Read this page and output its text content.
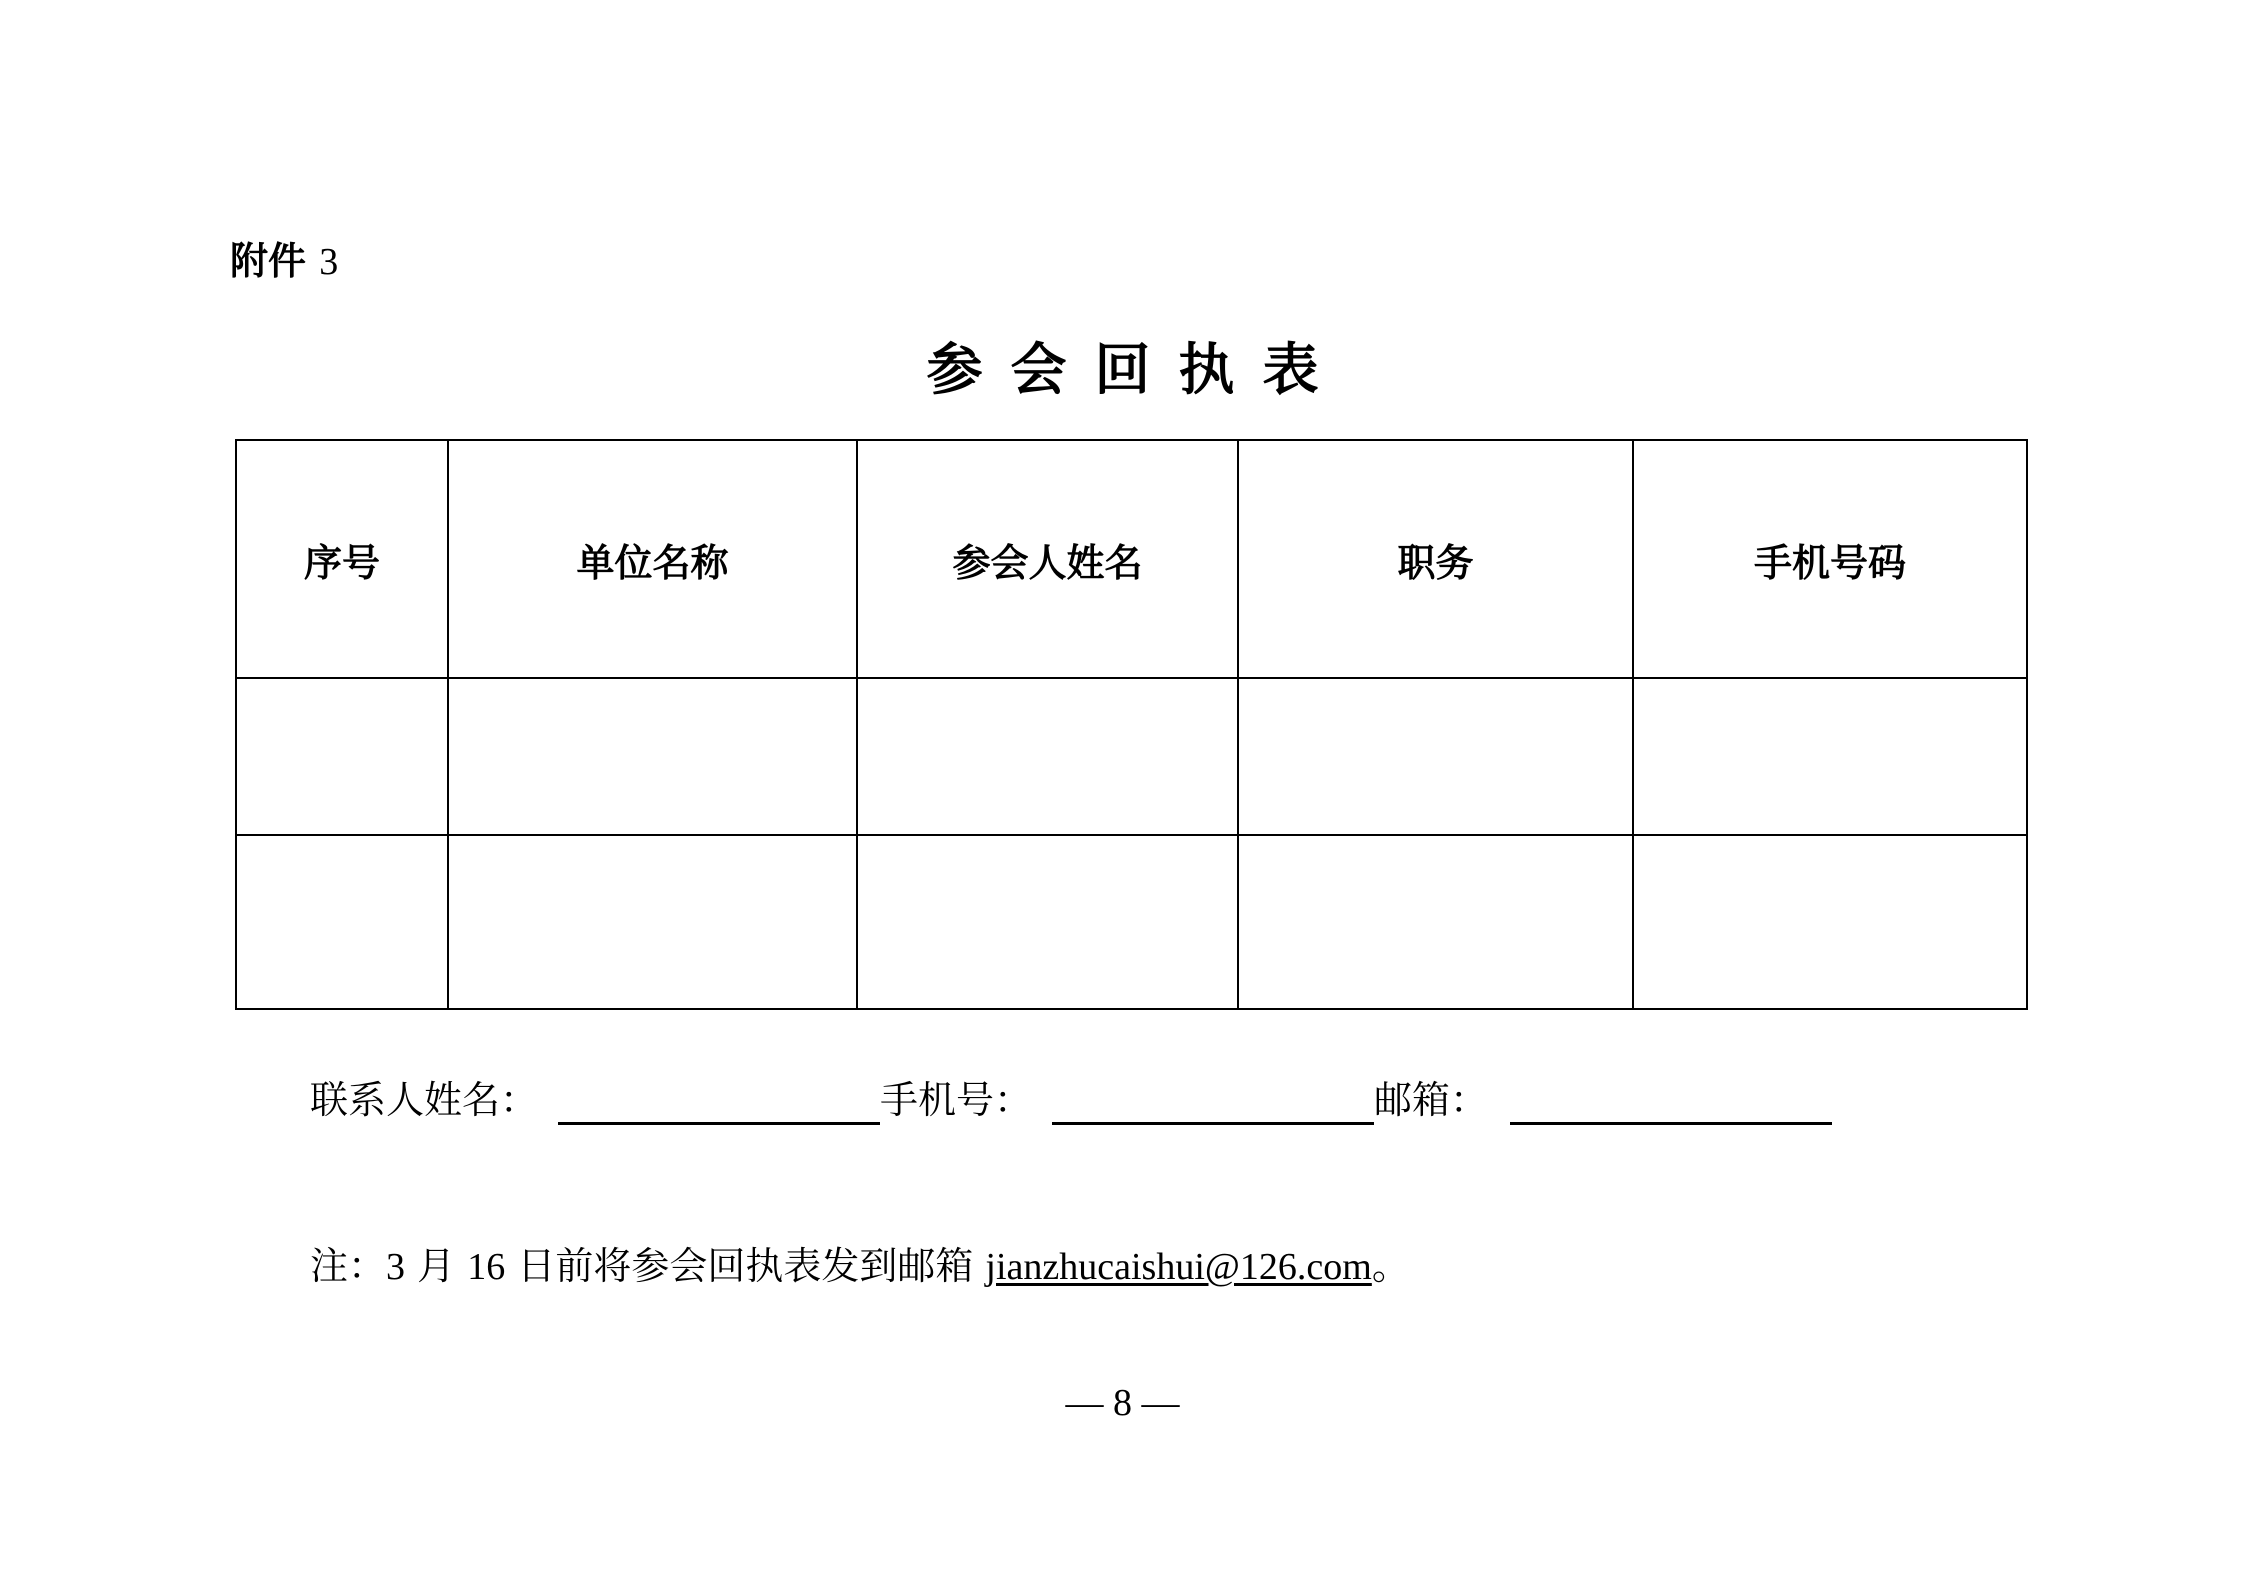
附件 3
参会回执表
序号	单位名称	参会人姓名	职务	手机号码

联系人姓名：	手机号：	邮箱：
注：3 月 16 日前将参会回执表发到邮箱 jianzhucaishui@126.com。
— 8 —
